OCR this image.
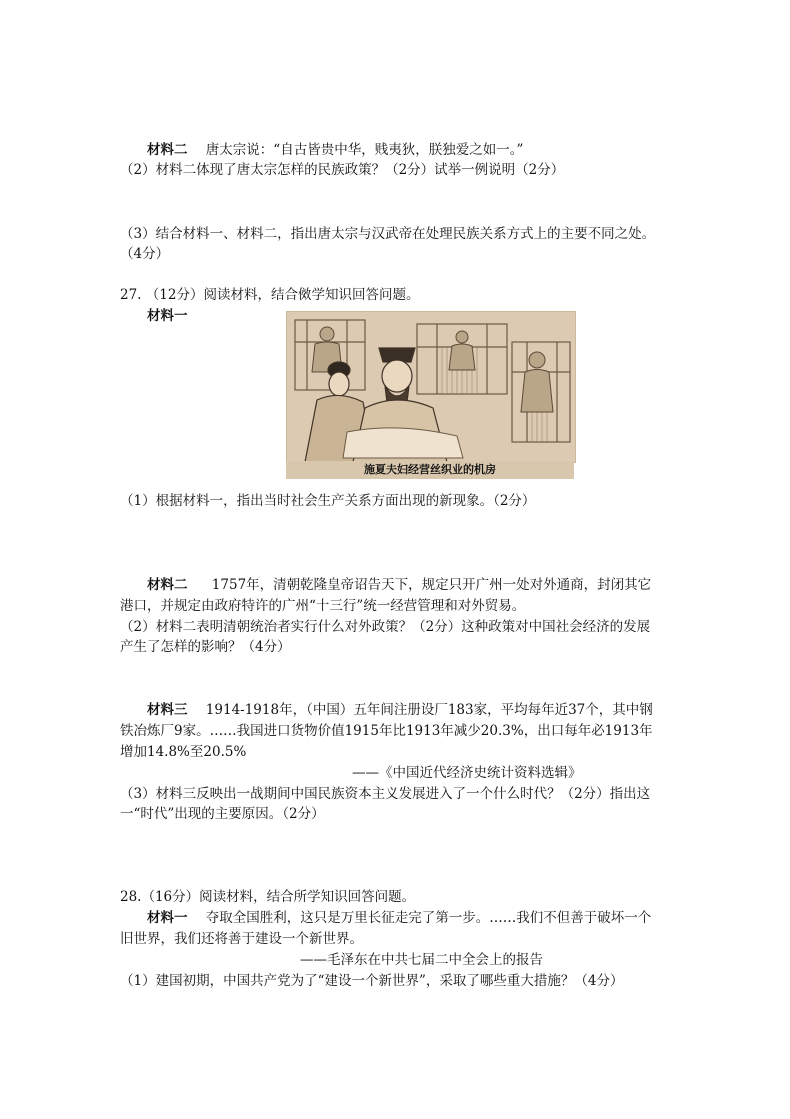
材料二 唐太宗说：“自古皆贵中华，贱夷狄，朕独爱之如一。”
（2）材料二体现了唐太宗怎样的民族政策？（2分）试举一例说明（2分）
（3）结合材料一、材料二，指出唐太宗与汉武帝在处理民族关系方式上的主要不同之处。
（4分）
27. （12分）阅读材料，结合傚学知识回答问题。
材料一
施夏夫妇经营丝织业的机房
（1）根据材料一，指出当时社会生产关系方面出现的新现象。（2分）
材料二 1757年，清朝乾隆皇帝诏告天下，规定只开广州一处对外通商，封闭其它
港口，并规定由政府特许的广州“十三行”统一经营管理和对外贸易。
（2）材料二表明清朝统治者实行什么对外政策？（2分）这种政策对中国社会经济的发展
产生了怎样的影响？（4分）
材料三 1914-1918年，（中国）五年间注册设厂183家，平均每年近37个，其中钢
铁冶炼厂9家。……我国进口货物价值1915年比1913年减少20.3%，出口每年必1913年
增加14.8%至20.5%
——《中国近代经济史统计资料选辑》
（3）材料三反映出一战期间中国民族资本主义发展进入了一个什么时代？（2分）指出这
一“时代”出现的主要原因。（2分）
28.（16分）阅读材料，结合所学知识回答问题。
材料一 夺取全国胜利，这只是万里长征走完了第一步。……我们不但善于破坏一个
旧世界，我们还将善于建设一个新世界。
——毛泽东在中共七届二中全会上的报告
（1）建国初期，中国共产党为了“建设一个新世界”，采取了哪些重大措施？（4分）
